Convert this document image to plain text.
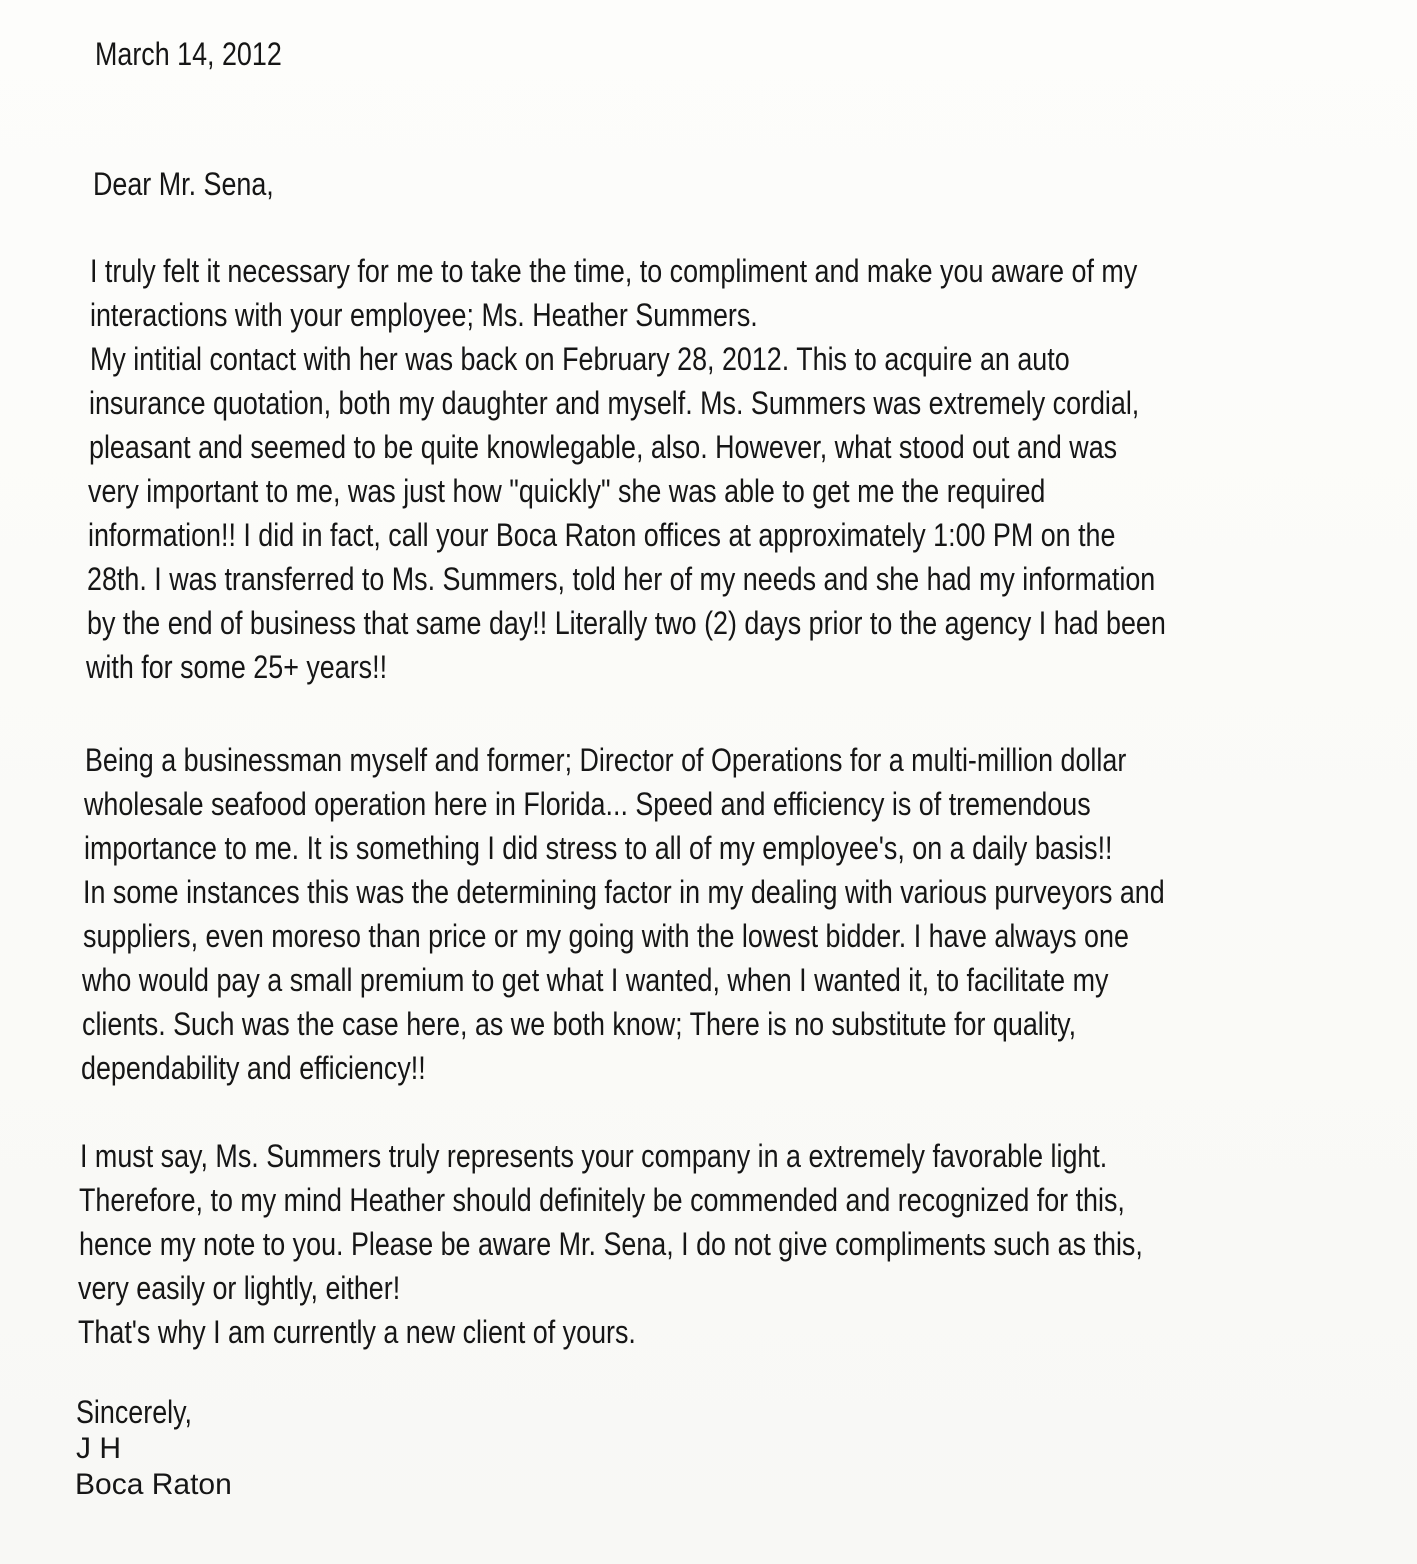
March 14, 2012
Dear Mr. Sena,
I truly felt it necessary for me to take the time, to compliment and make you aware of my
interactions with your employee; Ms. Heather Summers.
My intitial contact with her was back on February 28, 2012. This to acquire an auto
insurance quotation, both my daughter and myself. Ms. Summers was extremely cordial,
pleasant and seemed to be quite knowlegable, also. However, what stood out and was
very important to me, was just how "quickly" she was able to get me the required
information!! I did in fact, call your Boca Raton offices at approximately 1:00 PM on the
28th. I was transferred to Ms. Summers, told her of my needs and she had my information
by the end of business that same day!! Literally two (2) days prior to the agency I had been
with for some 25+ years!!
Being a businessman myself and former; Director of Operations for a multi-million dollar
wholesale seafood operation here in Florida... Speed and efficiency is of tremendous
importance to me. It is something I did stress to all of my employee's, on a daily basis!!
In some instances this was the determining factor in my dealing with various purveyors and
suppliers, even moreso than price or my going with the lowest bidder. I have always one
who would pay a small premium to get what I wanted, when I wanted it, to facilitate my
clients. Such was the case here, as we both know; There is no substitute for quality,
dependability and efficiency!!
I must say, Ms. Summers truly represents your company in a extremely favorable light.
Therefore, to my mind Heather should definitely be commended and recognized for this,
hence my note to you. Please be aware Mr. Sena, I do not give compliments such as this,
very easily or lightly, either!
That's why I am currently a new client of yours.
Sincerely,
J H
Boca Raton
